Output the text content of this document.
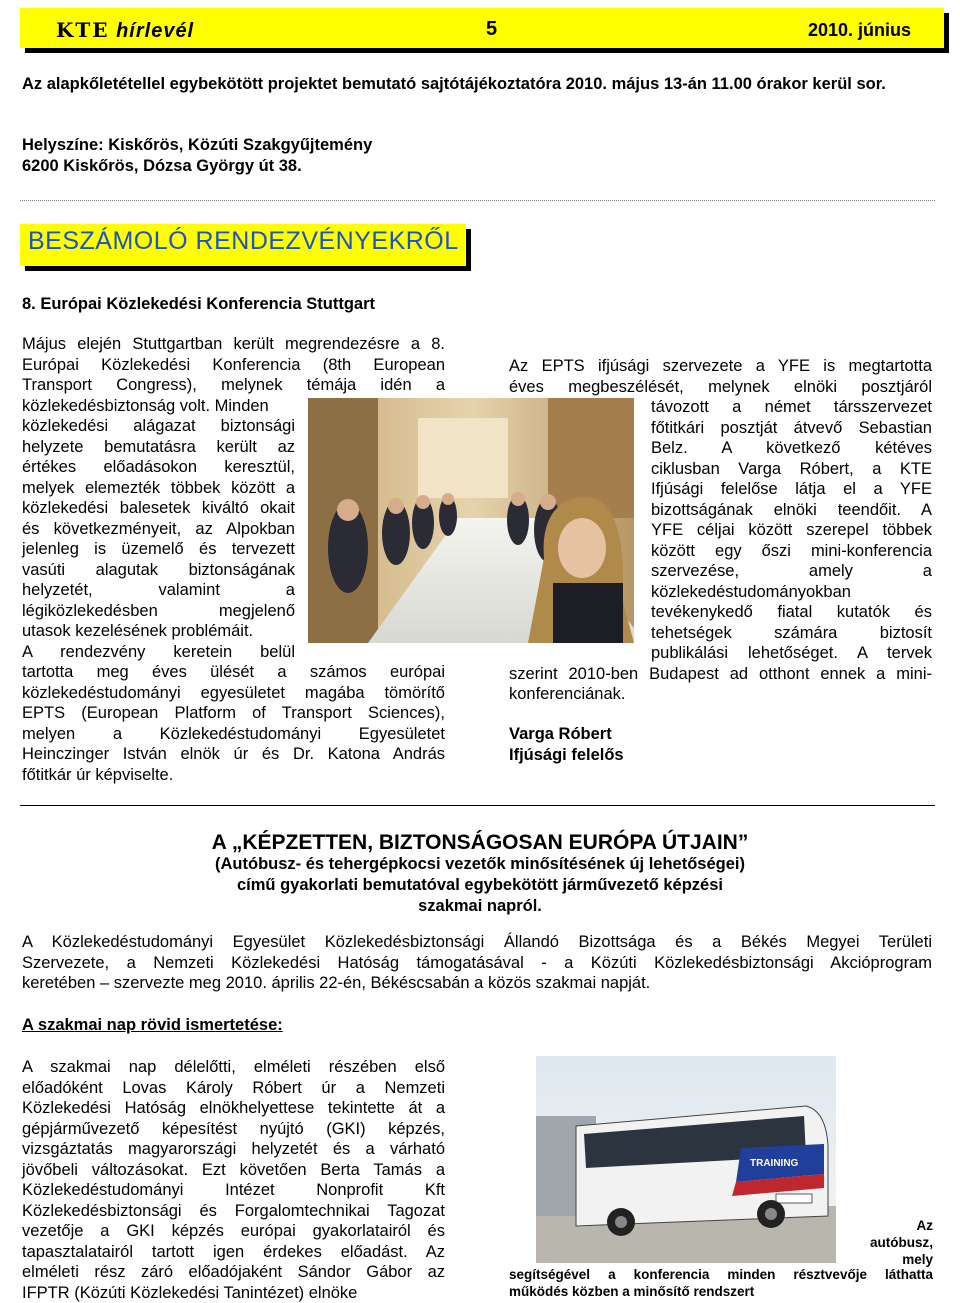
KTE hírlevél	5	2010. június
Az alapkőletétellel egybekötött projektet bemutató sajtótájékoztatóra 2010. május 13-án 11.00 órakor kerül sor.
Helyszíne: Kiskőrös, Közúti Szakgyűjtemény
6200 Kiskőrös, Dózsa György út 38.
BESZÁMOLÓ RENDEZVÉNYEKRŐL
8. Európai Közlekedési Konferencia Stuttgart
Május elején Stuttgartban került megrendezésre a 8.
Európai Közlekedési Konferencia (8th European
Transport Congress), melynek témája idén a
közlekedésbiztonság volt. Minden
közlekedési alágazat biztonsági
helyzete bemutatásra került az
értékes előadásokon keresztül,
melyek elemezték többek között a
közlekedési balesetek kiváltó okait
és következményeit, az Alpokban
jelenleg is üzemelő és tervezett
vasúti alagutak biztonságának
helyzetét, valamint a
légiközlekedésben megjelenő
utasok kezelésének problémáit.
A rendezvény keretein belül
tartotta meg éves ülését a számos európai
közlekedéstudományi egyesületet magába tömörítő
EPTS (European Platform of Transport Sciences),
melyen a Közlekedéstudományi Egyesületet
Heinczinger István elnök úr és Dr. Katona András
főtitkár úr képviselte.
Az EPTS ifjúsági szervezete a YFE is megtartotta
éves megbeszélését, melynek elnöki posztjáról
távozott a német társszervezet
főtitkári posztját átvevő Sebastian
Belz. A következő kétéves
ciklusban Varga Róbert, a KTE
Ifjúsági felelőse látja el a YFE
bizottságának elnöki teendőit. A
YFE céljai között szerepel többek
között egy őszi mini-konferencia
szervezése, amely a
közlekedéstudományokban
tevékenykedő fiatal kutatók és
tehetségek számára biztosít
publikálási lehetőséget. A tervek
szerint 2010-ben Budapest ad otthont ennek a mini-
konferenciának.
Varga Róbert
Ifjúsági felelős
A „KÉPZETTEN, BIZTONSÁGOSAN EURÓPA ÚTJAIN”
(Autóbusz- és tehergépkocsi vezetők minősítésének új lehetőségei)
című gyakorlati bemutatóval egybekötött járművezető képzési
szakmai napról.
A Közlekedéstudományi Egyesület Közlekedésbiztonsági Állandó Bizottsága és a Békés Megyei Területi
Szervezete, a Nemzeti Közlekedési Hatóság támogatásával - a Közúti Közlekedésbiztonsági Akcióprogram
keretében – szervezte meg 2010. április 22-én, Békéscsabán a közös szakmai napját.
A szakmai nap rövid ismertetése:
A szakmai nap délelőtti, elméleti részében első
előadóként Lovas Károly Róbert úr a Nemzeti
Közlekedési Hatóság elnökhelyettese tekintette át a
gépjárművezető képesítést nyújtó (GKI) képzés,
vizsgáztatás magyarországi helyzetét és a várható
jövőbeli változásokat. Ezt követően Berta Tamás a
Közlekedéstudományi Intézet Nonprofit Kft
Közlekedésbiztonsági és Forgalomtechnikai Tagozat
vezetője a GKI képzés európai gyakorlatairól és
tapasztalatairól tartott igen érdekes előadást. Az
elméleti rész záró előadójaként Sándor Gábor az
IFPTR (Közúti Közlekedési Tanintézet) elnöke
TRAINING
Az
autóbusz,
mely
segítségével a konferencia minden résztvevője láthatta
működés közben a minősítő rendszert
